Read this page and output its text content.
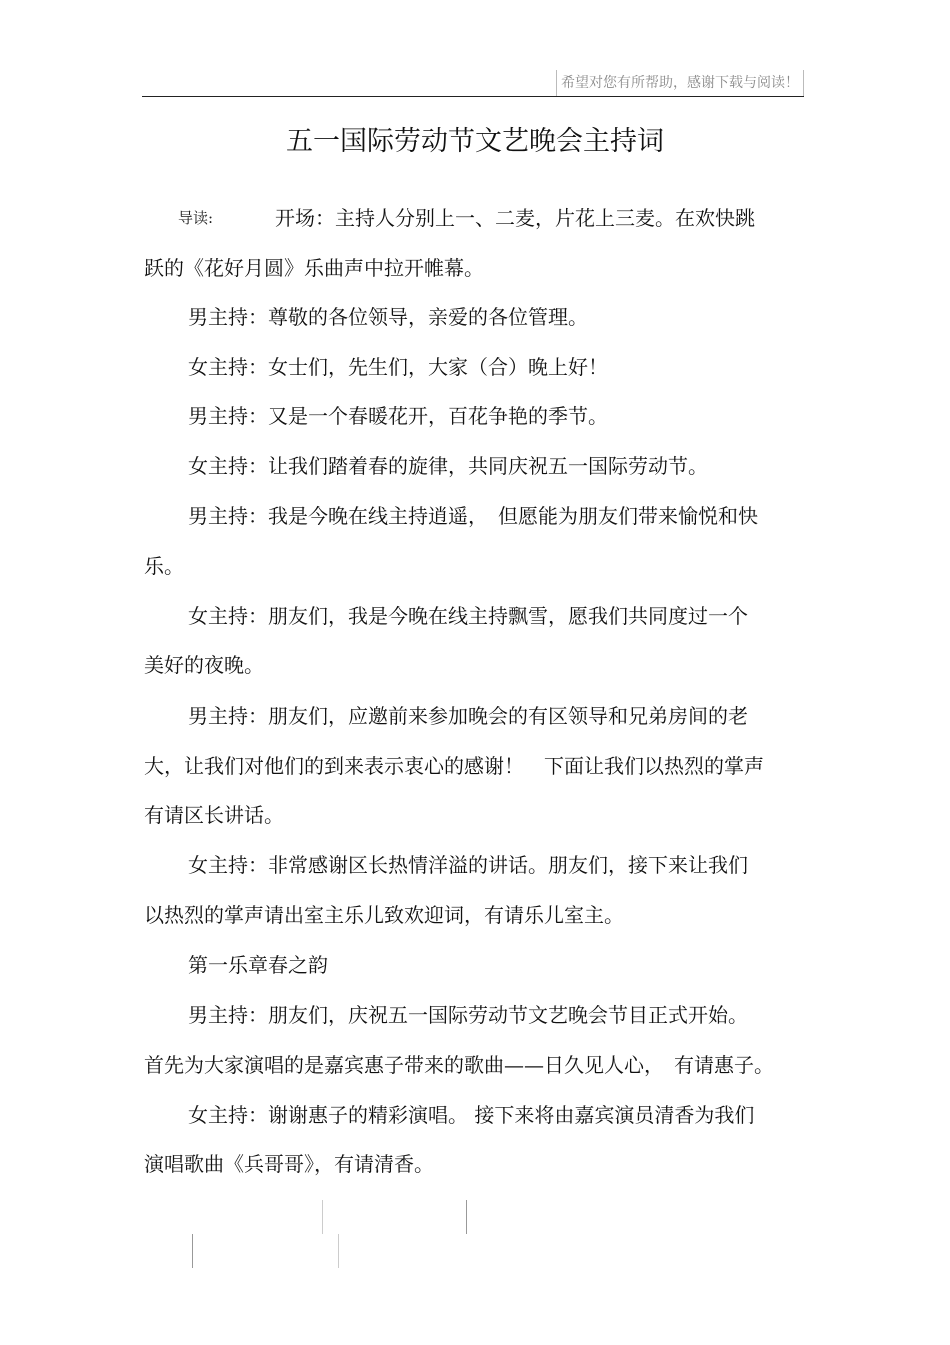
希望对您有所帮助，感谢下载与阅读！
五一国际劳动节文艺晚会主持词
导读:	开场：主持人分别上一、二麦，片花上三麦。在欢快跳
跃的《花好月圆》乐曲声中拉开帷幕。
男主持：尊敬的各位领导，亲爱的各位管理。
女主持：女士们，先生们，大家（合）晚上好！
男主持：又是一个春暖花开，百花争艳的季节。
女主持：让我们踏着春的旋律，共同庆祝五一国际劳动节。
男主持：我是今晚在线主持逍遥，　但愿能为朋友们带来愉悦和快
乐。
女主持：朋友们，我是今晚在线主持飘雪，愿我们共同度过一个
美好的夜晚。
男主持：朋友们，应邀前来参加晚会的有区领导和兄弟房间的老
大，让我们对他们的到来表示衷心的感谢！　下面让我们以热烈的掌声
有请区长讲话。
女主持：非常感谢区长热情洋溢的讲话。朋友们，接下来让我们
以热烈的掌声请出室主乐儿致欢迎词，有请乐儿室主。
第一乐章春之韵
男主持：朋友们，庆祝五一国际劳动节文艺晚会节目正式开始。
首先为大家演唱的是嘉宾惠子带来的歌曲——日久见人心，　有请惠子。
女主持：谢谢惠子的精彩演唱。 接下来将由嘉宾演员清香为我们
演唱歌曲《兵哥哥》，有请清香。
